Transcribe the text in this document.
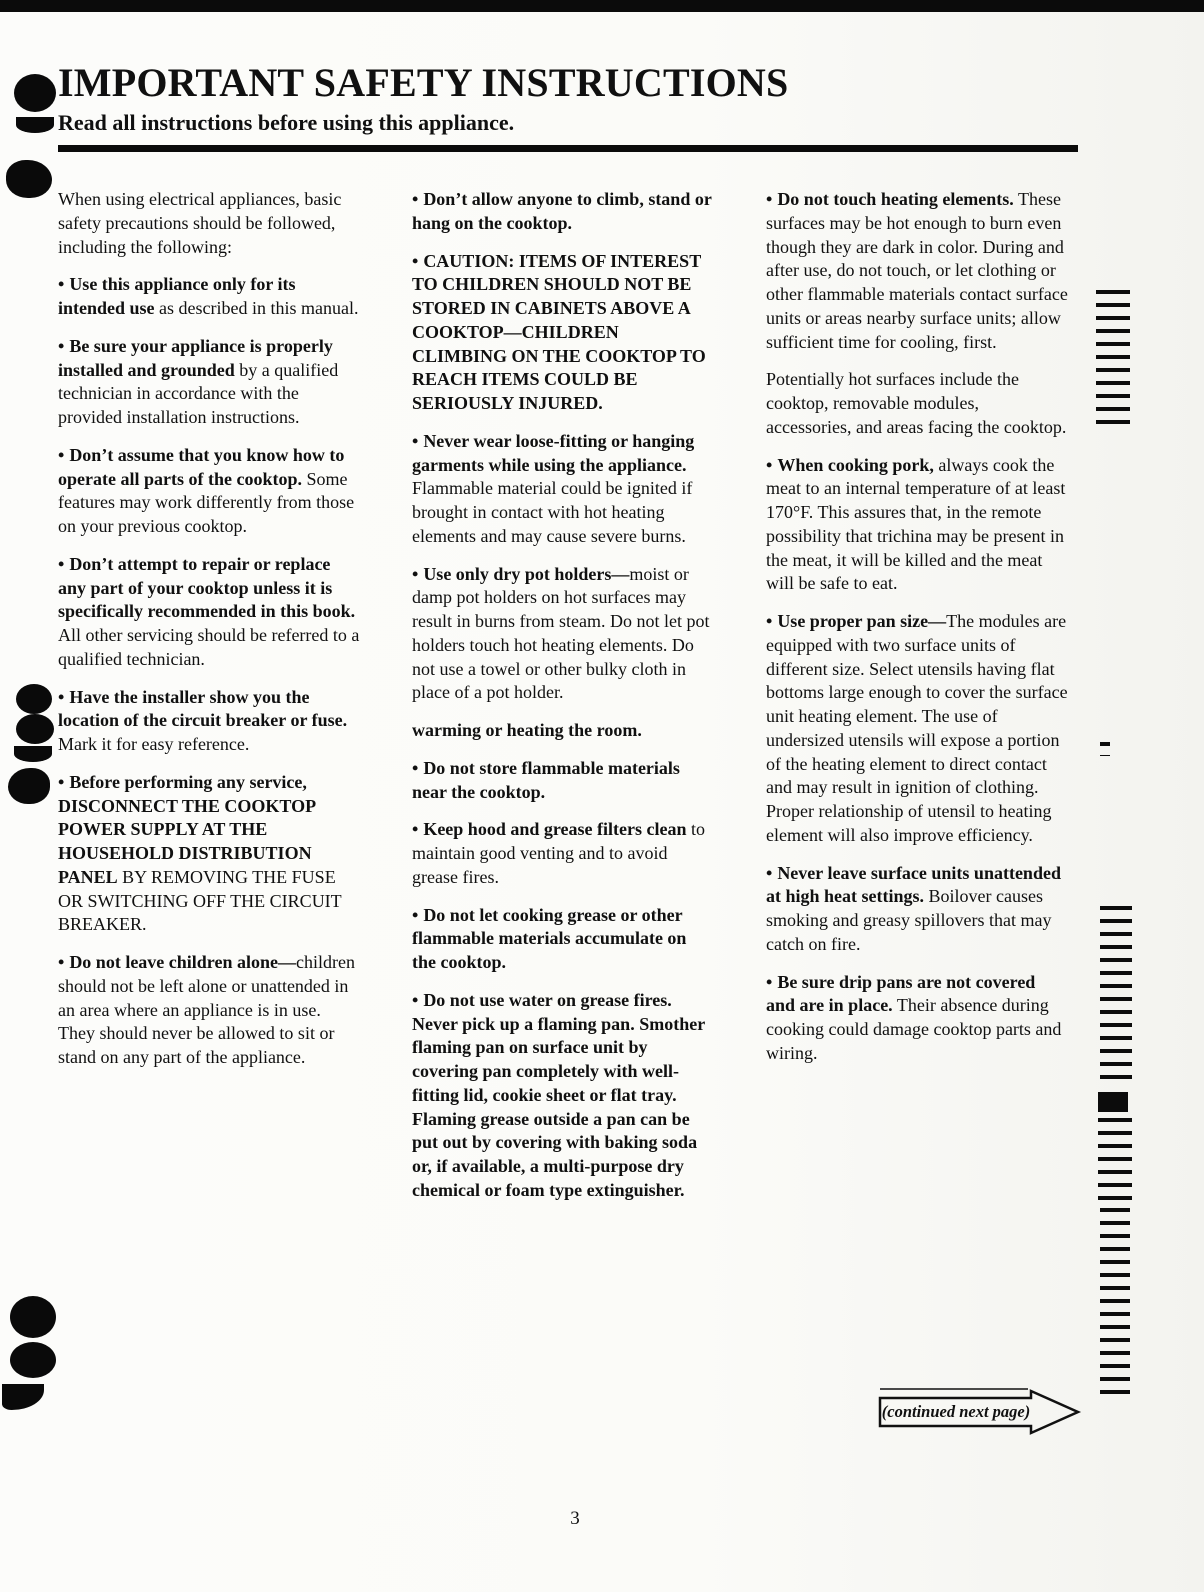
IMPORTANT SAFETY INSTRUCTIONS

Read all instructions before using this appliance.

When using electrical appliances, basic safety precautions should be followed, including the following:

• Use this appliance only for its intended use as described in this manual.

• Be sure your appliance is properly installed and grounded by a qualified technician in accordance with the provided installation instructions.

• Don’t assume that you know how to operate all parts of the cooktop. Some features may work differently from those on your previous cooktop.

• Don’t attempt to repair or replace any part of your cooktop unless it is specifically recommended in this book. All other servicing should be referred to a qualified technician.

• Have the installer show you the location of the circuit breaker or fuse. Mark it for easy reference.

• Before performing any service, DISCONNECT THE COOKTOP POWER SUPPLY AT THE HOUSEHOLD DISTRIBUTION PANEL BY REMOVING THE FUSE OR SWITCHING OFF THE CIRCUIT BREAKER.

• Do not leave children alone—children should not be left alone or unattended in an area where an appliance is in use. They should never be allowed to sit or stand on any part of the appliance.

• Don’t allow anyone to climb, stand or hang on the cooktop.

• CAUTION: ITEMS OF INTEREST TO CHILDREN SHOULD NOT BE STORED IN CABINETS ABOVE A COOKTOP—CHILDREN CLIMBING ON THE COOKTOP TO REACH ITEMS COULD BE SERIOUSLY INJURED.

• Never wear loose-fitting or hanging garments while using the appliance. Flammable material could be ignited if brought in contact with hot heating elements and may cause severe burns.

• Use only dry pot holders—moist or damp pot holders on hot surfaces may result in burns from steam. Do not let pot holders touch hot heating elements. Do not use a towel or other bulky cloth in place of a pot holder.

warming or heating the room.

• Do not store flammable materials near the cooktop.

• Keep hood and grease filters clean to maintain good venting and to avoid grease fires.

• Do not let cooking grease or other flammable materials accumulate on the cooktop.

• Do not use water on grease fires. Never pick up a flaming pan. Smother flaming pan on surface unit by covering pan completely with well-fitting lid, cookie sheet or flat tray. Flaming grease outside a pan can be put out by covering with baking soda or, if available, a multi-purpose dry chemical or foam type extinguisher.

• Do not touch heating elements. These surfaces may be hot enough to burn even though they are dark in color. During and after use, do not touch, or let clothing or other flammable materials contact surface units or areas nearby surface units; allow sufficient time for cooling, first.

Potentially hot surfaces include the cooktop, removable modules, accessories, and areas facing the cooktop.

• When cooking pork, always cook the meat to an internal temperature of at least 170°F. This assures that, in the remote possibility that trichina may be present in the meat, it will be killed and the meat will be safe to eat.

• Use proper pan size—The modules are equipped with two surface units of different size. Select utensils having flat bottoms large enough to cover the surface unit heating element. The use of undersized utensils will expose a portion of the heating element to direct contact and may result in ignition of clothing. Proper relationship of utensil to heating element will also improve efficiency.

• Never leave surface units unattended at high heat settings. Boilover causes smoking and greasy spillovers that may catch on fire.

• Be sure drip pans are not covered and are in place. Their absence during cooking could damage cooktop parts and wiring.

(continued next page)
3
